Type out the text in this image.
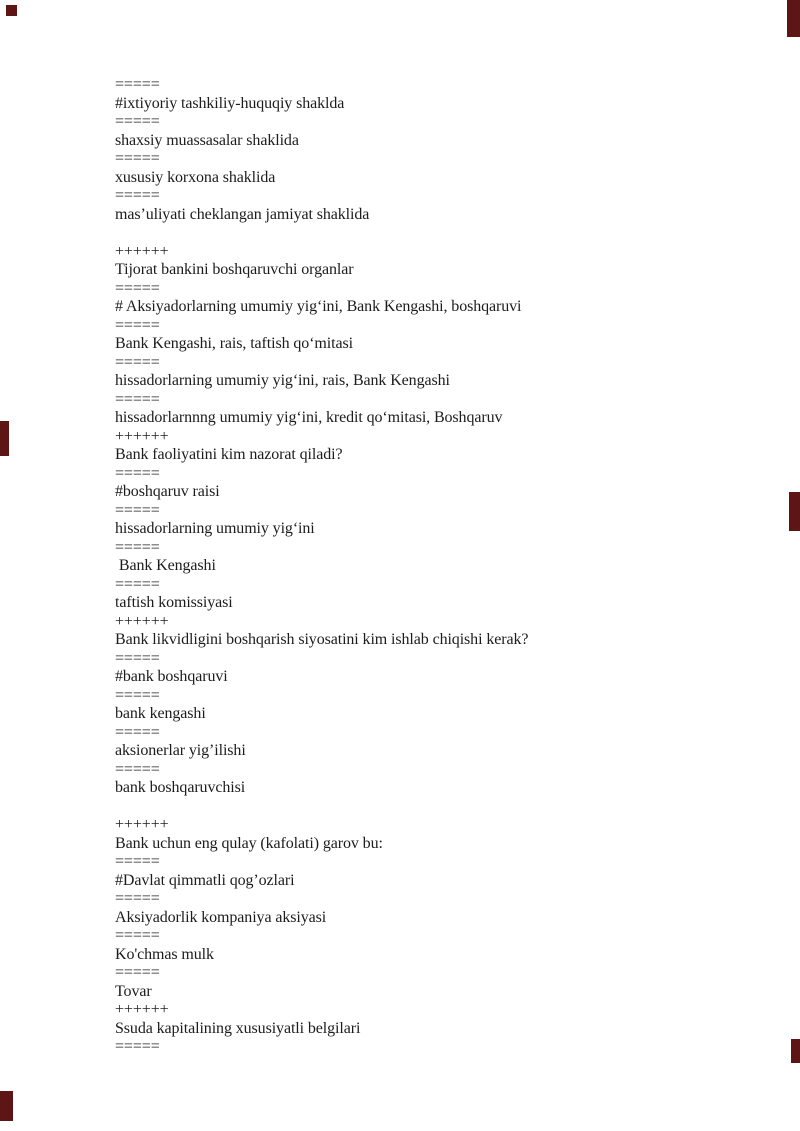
=====
#ixtiyoriy tashkiliy-huquqiy shaklda
=====
shaxsiy muassasalar shaklida
=====
xususiy korxona shaklida
=====
mas’uliyati cheklangan jamiyat shaklida

++++++
Tijorat bankini boshqaruvchi organlar
=====
# Aksiyadorlarning umumiy yig‘ini, Bank Kengashi, boshqaruvi
=====
Bank Kengashi, rais, taftish qo‘mitasi
=====
hissadorlarning umumiy yig‘ini, rais, Bank Kengashi
=====
hissadorlarnnng umumiy yig‘ini, kredit qo‘mitasi, Boshqaruv
++++++
Bank faoliyatini kim nazorat qiladi?
=====
#boshqaruv raisi
=====
hissadorlarning umumiy yig‘ini
=====
Bank Kengashi
=====
taftish komissiyasi
++++++
Bank likvidligini boshqarish siyosatini kim ishlab chiqishi kerak?
=====
#bank boshqaruvi
=====
bank kengashi
=====
aksionerlar yig’ilishi
=====
bank boshqaruvchisi

++++++
Bank uchun eng qulay (kafolati) garov bu:
=====
#Davlat qimmatli qog’ozlari
=====
Aksiyadorlik kompaniya aksiyasi
=====
Ko'chmas mulk
=====
Tovar
++++++
Ssuda kapitalining xususiyatli belgilari
=====
